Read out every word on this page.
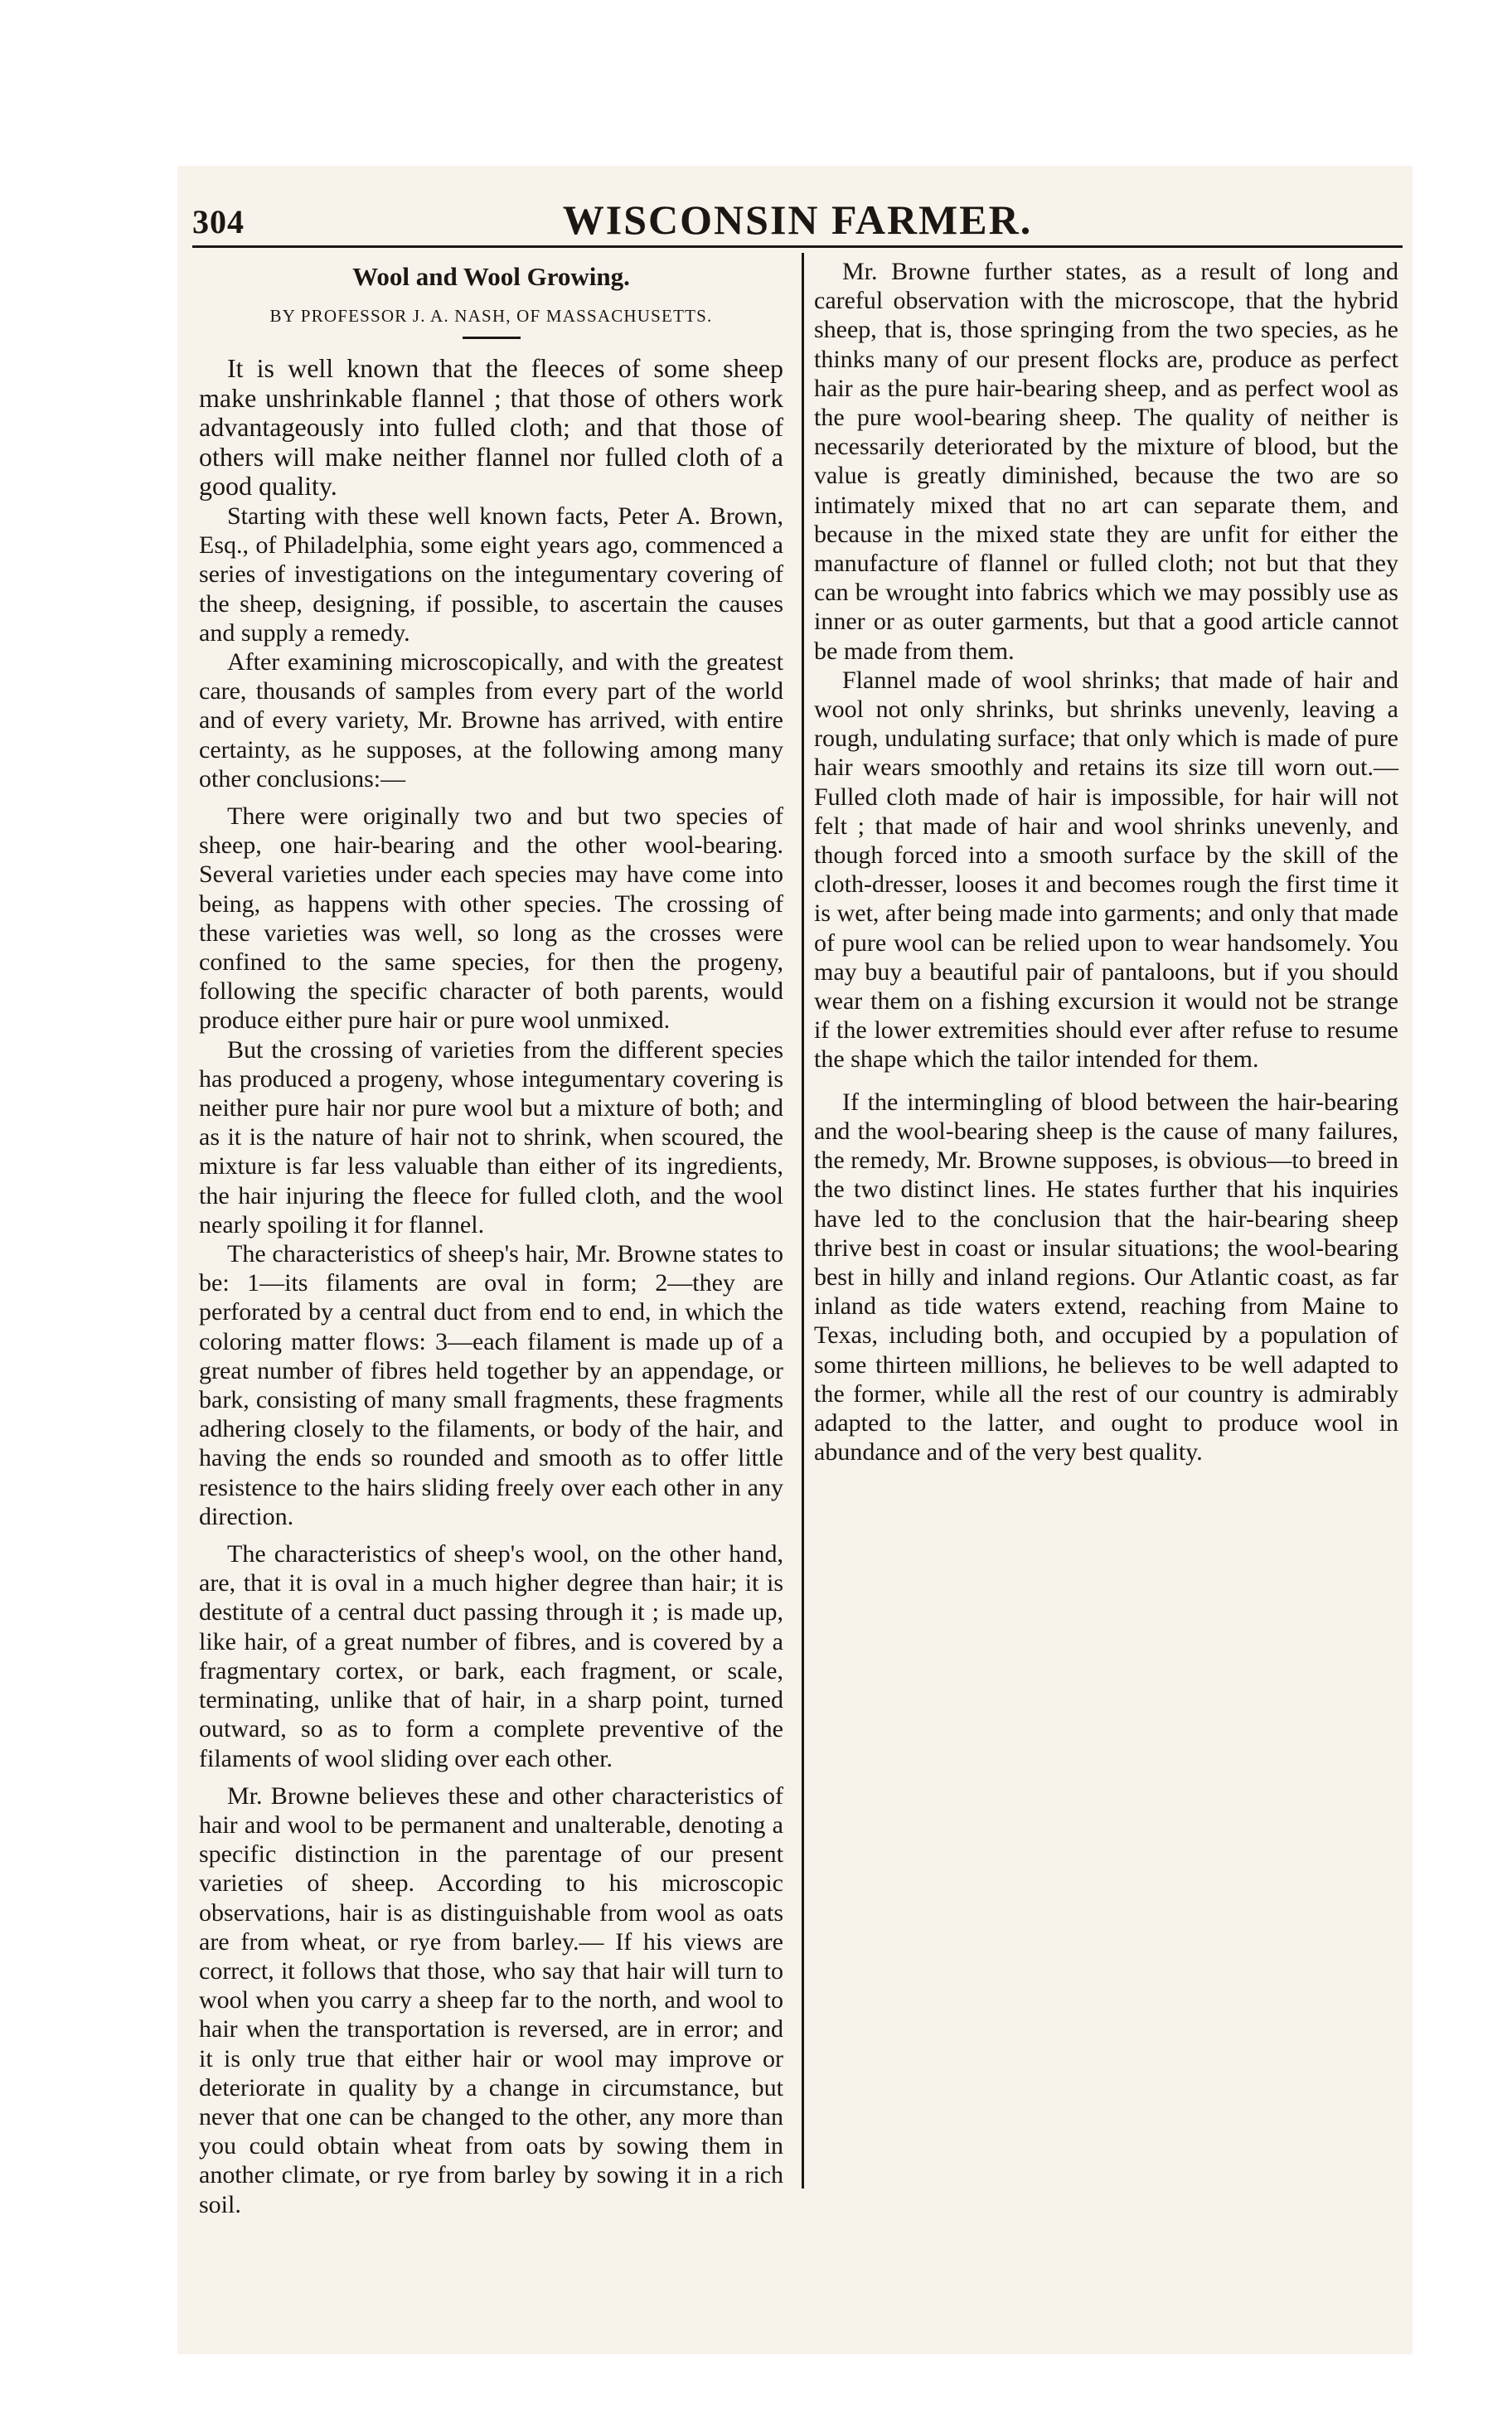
304	WISCONSIN FARMER.
Wool and Wool Growing.
BY PROFESSOR J. A. NASH, OF MASSACHUSETTS.

It is well known that the fleeces of some sheep make unshrinkable flannel ; that those of others work advantageously into fulled cloth; and that those of others will make neither flannel nor fulled cloth of a good quality.

Starting with these well known facts, Peter A. Brown, Esq., of Philadelphia, some eight years ago, commenced a series of investigations on the integumentary covering of the sheep, designing, if possible, to ascertain the causes and supply a remedy.

After examining microscopically, and with the greatest care, thousands of samples from every part of the world and of every variety, Mr. Browne has arrived, with entire certainty, as he supposes, at the following among many other conclusions:—

There were originally two and but two species of sheep, one hair-bearing and the other wool-bearing. Several varieties under each species may have come into being, as happens with other species. The crossing of these varieties was well, so long as the crosses were confined to the same species, for then the progeny, following the specific character of both parents, would produce either pure hair or pure wool unmixed.

But the crossing of varieties from the different species has produced a progeny, whose integumentary covering is neither pure hair nor pure wool but a mixture of both; and as it is the nature of hair not to shrink, when scoured, the mixture is far less valuable than either of its ingredients, the hair injuring the fleece for fulled cloth, and the wool nearly spoiling it for flannel.

The characteristics of sheep's hair, Mr. Browne states to be: 1—its filaments are oval in form; 2—they are perforated by a central duct from end to end, in which the coloring matter flows: 3—each filament is made up of a great number of fibres held together by an appendage, or bark, consisting of many small fragments, these fragments adhering closely to the filaments, or body of the hair, and having the ends so rounded and smooth as to offer little resistence to the hairs sliding freely over each other in any direction.

The characteristics of sheep's wool, on the other hand, are, that it is oval in a much higher degree than hair; it is destitute of a central duct passing through it ; is made up, like hair, of a great number of fibres, and is covered by a fragmentary cortex, or bark, each fragment, or scale, terminating, unlike that of hair, in a sharp point, turned outward, so as to form a complete preventive of the filaments of wool sliding over each other.

Mr. Browne believes these and other characteristics of hair and wool to be permanent and unalterable, denoting a specific distinction in the parentage of our present varieties of sheep. According to his microscopic observations, hair is as distinguishable from wool as oats are from wheat, or rye from barley.— If his views are correct, it follows that those, who say that hair will turn to wool when you carry a sheep far to the north, and wool to hair when the transportation is reversed, are in error; and it is only true that either hair or wool may improve or deteriorate in quality by a change in circumstance, but never that one can be changed to the other, any more than you could obtain wheat from oats by sowing them in another climate, or rye from barley by sowing it in a rich soil.

Mr. Browne further states, as a result of long and careful observation with the microscope, that the hybrid sheep, that is, those springing from the two species, as he thinks many of our present flocks are, produce as perfect hair as the pure hair-bearing sheep, and as perfect wool as the pure wool-bearing sheep. The quality of neither is necessarily deteriorated by the mixture of blood, but the value is greatly diminished, because the two are so intimately mixed that no art can separate them, and because in the mixed state they are unfit for either the manufacture of flannel or fulled cloth; not but that they can be wrought into fabrics which we may possibly use as inner or as outer garments, but that a good article cannot be made from them.

Flannel made of wool shrinks; that made of hair and wool not only shrinks, but shrinks unevenly, leaving a rough, undulating surface; that only which is made of pure hair wears smoothly and retains its size till worn out.— Fulled cloth made of hair is impossible, for hair will not felt ; that made of hair and wool shrinks unevenly, and though forced into a smooth surface by the skill of the cloth-dresser, looses it and becomes rough the first time it is wet, after being made into garments; and only that made of pure wool can be relied upon to wear handsomely. You may buy a beautiful pair of pantaloons, but if you should wear them on a fishing excursion it would not be strange if the lower extremities should ever after refuse to resume the shape which the tailor intended for them.

If the intermingling of blood between the hair-bearing and the wool-bearing sheep is the cause of many failures, the remedy, Mr. Browne supposes, is obvious—to breed in the two distinct lines. He states further that his inquiries have led to the conclusion that the hair-bearing sheep thrive best in coast or insular situations; the wool-bearing best in hilly and inland regions. Our Atlantic coast, as far inland as tide waters extend, reaching from Maine to Texas, including both, and occupied by a population of some thirteen millions, he believes to be well adapted to the former, while all the rest of our country is admirably adapted to the latter, and ought to produce wool in abundance and of the very best quality.
